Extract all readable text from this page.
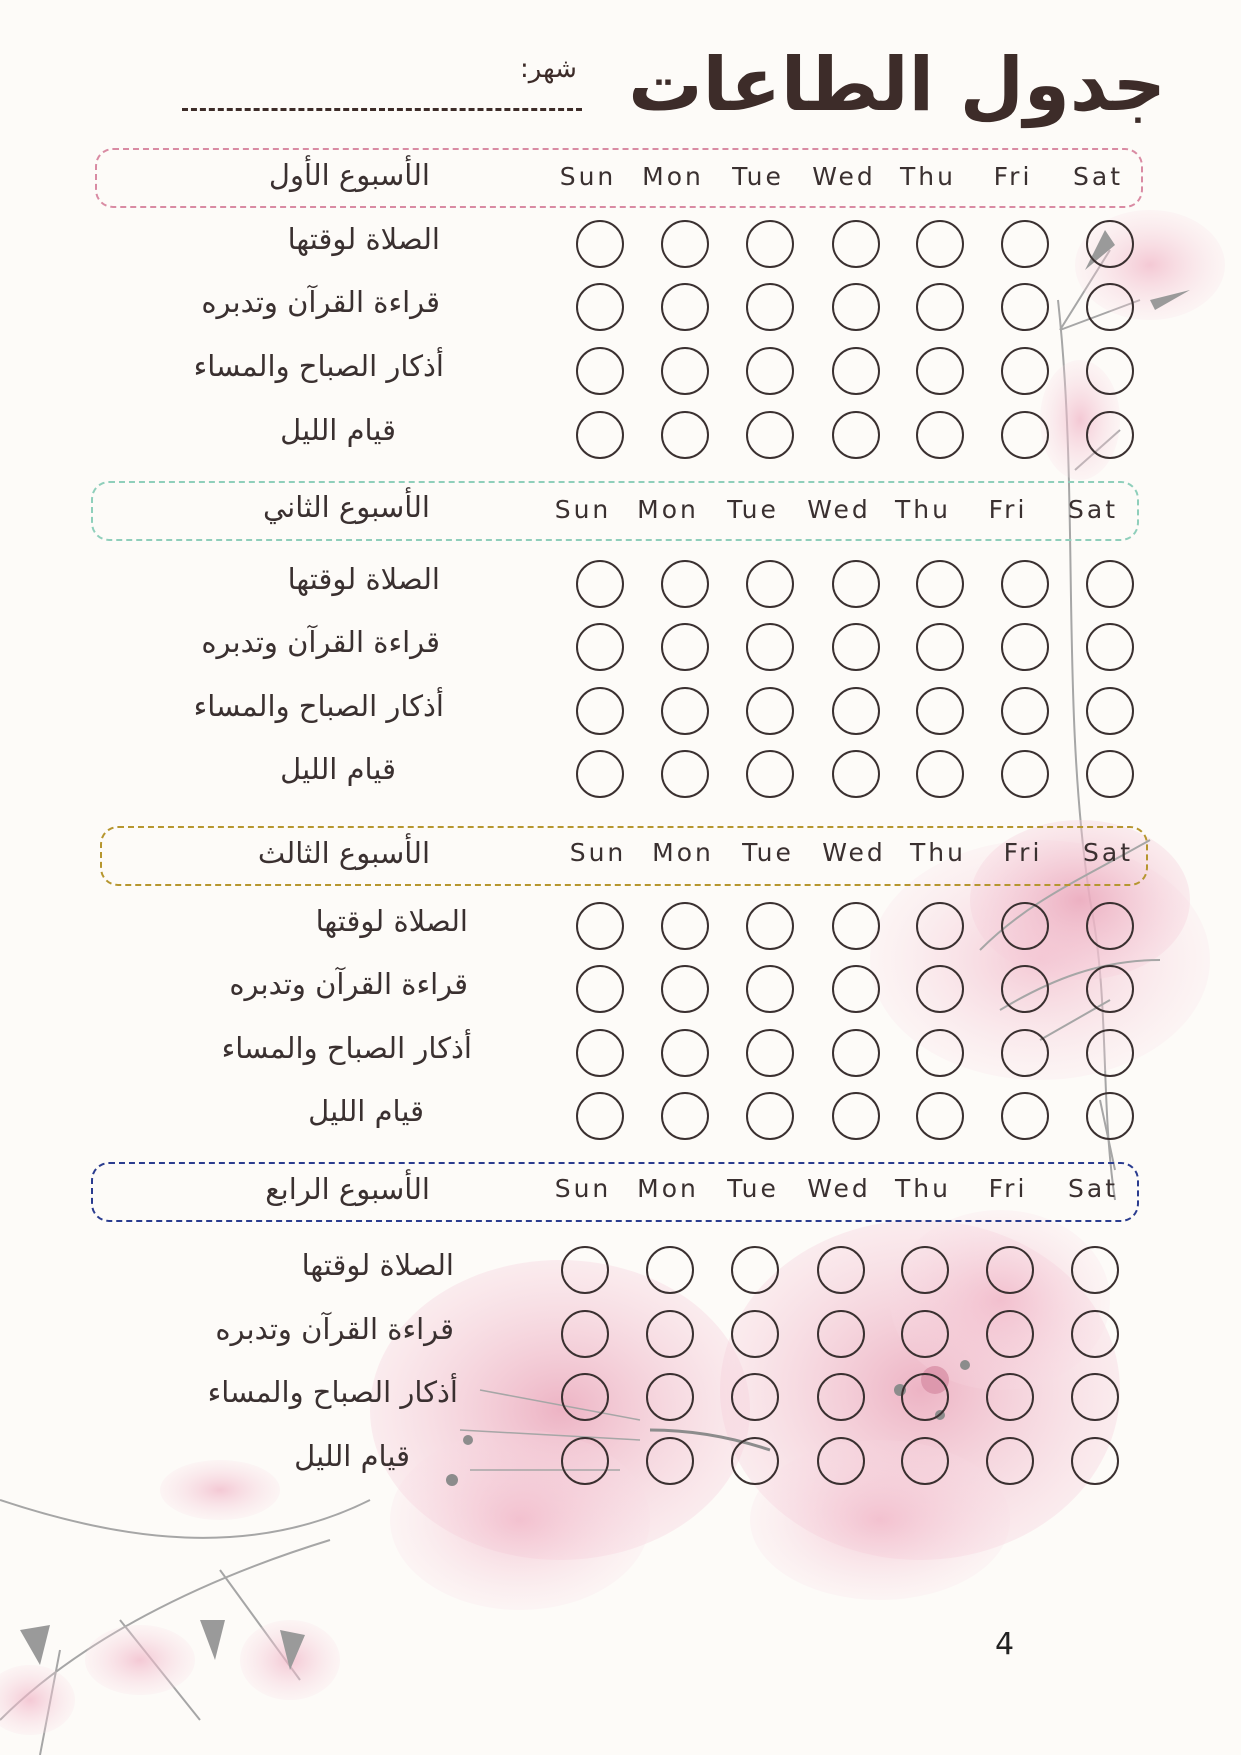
جدول الطاعات
شهر:
الأسبوع الأول	Sun Mon Tue Wed Thu Fri Sat
الصلاة لوقتها
قراءة القرآن وتدبره
أذكار الصباح والمساء
قيام الليل
الأسبوع الثاني	Sun Mon Tue Wed Thu Fri Sat
الصلاة لوقتها
قراءة القرآن وتدبره
أذكار الصباح والمساء
قيام الليل
الأسبوع الثالث	Sun Mon Tue Wed Thu Fri Sat
الصلاة لوقتها
قراءة القرآن وتدبره
أذكار الصباح والمساء
قيام الليل
الأسبوع الرابع	Sun Mon Tue Wed Thu Fri Sat
الصلاة لوقتها
قراءة القرآن وتدبره
أذكار الصباح والمساء
قيام الليل
4
